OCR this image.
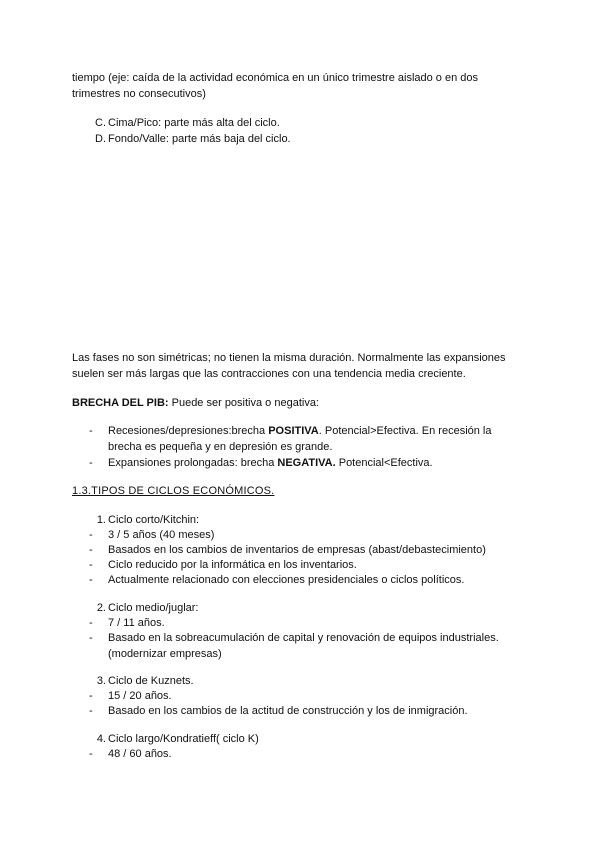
tiempo (eje: caída de la actividad económica en un único trimestre aislado o en dos
trimestres no consecutivos)
C. Cima/Pico: parte más alta del ciclo.
D. Fondo/Valle: parte más baja del ciclo.
Las fases no son simétricas; no tienen la misma duración. Normalmente las expansiones
suelen ser más largas que las contracciones con una tendencia media creciente.
BRECHA DEL PIB: Puede ser positiva o negativa:
-	Recesiones/depresiones:brecha POSITIVA. Potencial>Efectiva. En recesión la brecha es pequeña y en depresión es grande.
-	Expansiones prolongadas: brecha NEGATIVA. Potencial<Efectiva.
1.3.TIPOS DE CICLOS ECONÓMICOS.
1. Ciclo corto/Kitchin:
-	3 / 5 años (40 meses)
-	Basados en los cambios de inventarios de empresas (abast/debastecimiento)
-	Ciclo reducido por la informática en los inventarios.
-	Actualmente relacionado con elecciones presidenciales o ciclos políticos.
2. Ciclo medio/juglar:
-	7 / 11 años.
-	Basado en la sobreacumulación de capital y renovación de equipos industriales. (modernizar empresas)
3. Ciclo de Kuznets.
-	15 / 20 años.
-	Basado en los cambios de la actitud de construcción y los de inmigración.
4. Ciclo largo/Kondratieff( ciclo K)
-	48 / 60 años.
